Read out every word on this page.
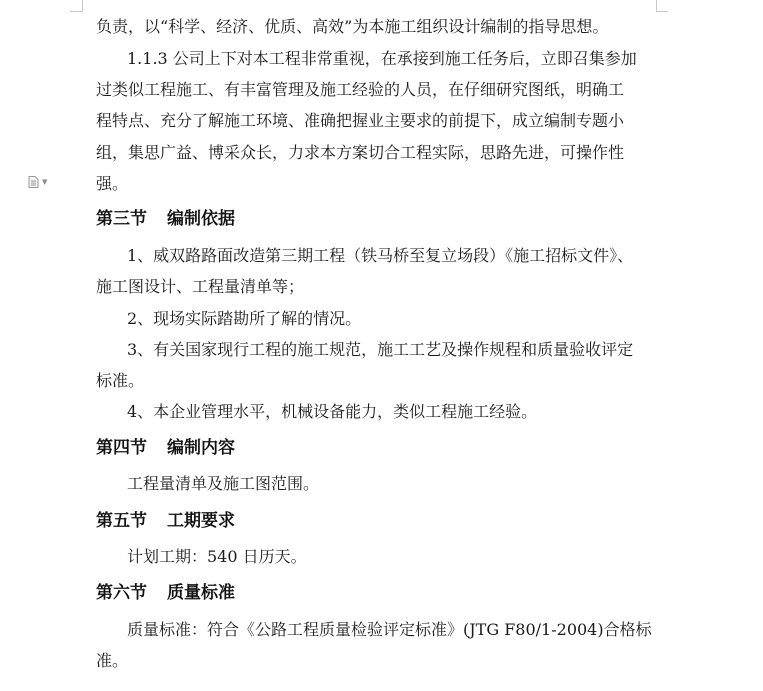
▼
负责，以“科学、经济、优质、高效”为本施工组织设计编制的指导思想。
1.1.3 公司上下对本工程非常重视，在承接到施工任务后，立即召集参加
过类似工程施工、有丰富管理及施工经验的人员，在仔细研究图纸，明确工
程特点、充分了解施工环境、准确把握业主要求的前提下，成立编制专题小
组，集思广益、博采众长，力求本方案切合工程实际，思路先进，可操作性
强。
第三节 编制依据
1、威双路路面改造第三期工程（铁马桥至复立场段）《施工招标文件》、
施工图设计、工程量清单等；
2、现场实际踏勘所了解的情况。
3、有关国家现行工程的施工规范，施工工艺及操作规程和质量验收评定
标准。
4、本企业管理水平，机械设备能力，类似工程施工经验。
第四节 编制内容
工程量清单及施工图范围。
第五节 工期要求
计划工期：540 日历天。
第六节 质量标准
质量标准：符合《公路工程质量检验评定标准》(JTG F80/1-2004)合格标
准。
